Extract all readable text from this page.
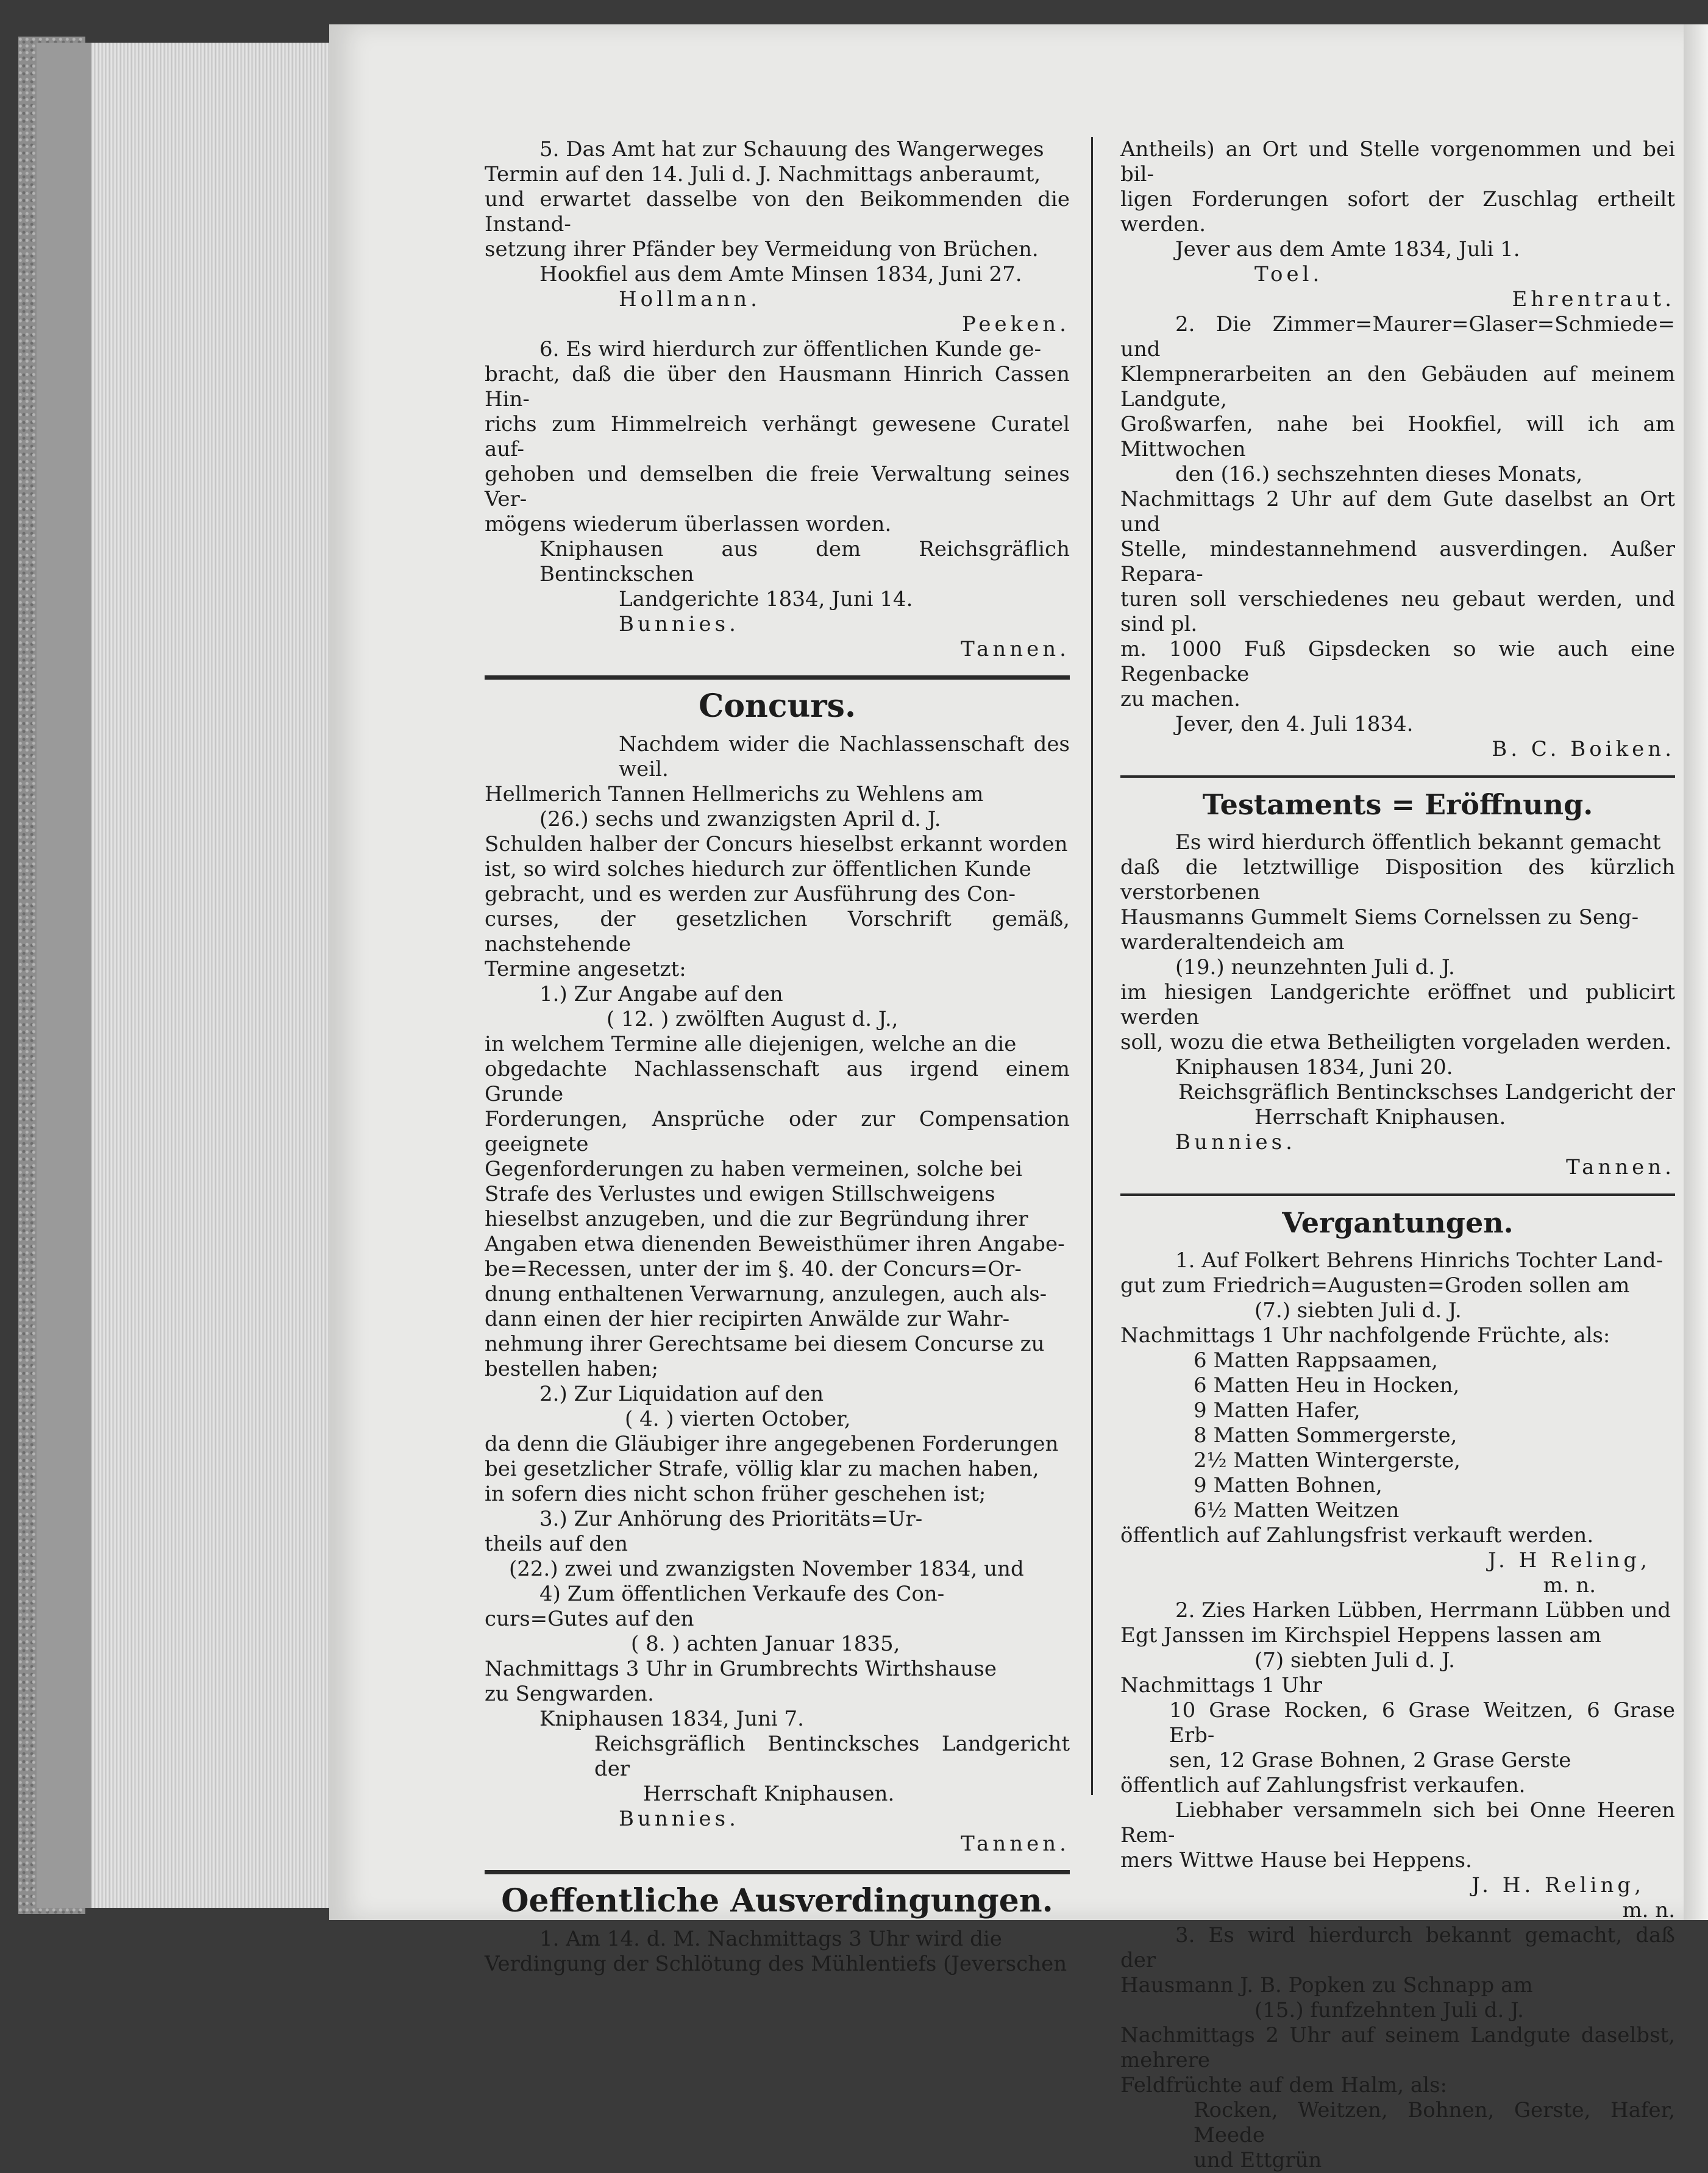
5. Das Amt hat zur Schauung des Wangerweges

Termin auf den 14. Juli d. J. Nachmittags anberaumt,

und erwartet dasselbe von den Beikommenden die Instand-

setzung ihrer Pfänder bey Vermeidung von Brüchen.

Hookfiel aus dem Amte Minsen 1834, Juni 27.

Hollmann.

Peeken.

6. Es wird hierdurch zur öffentlichen Kunde ge-

bracht, daß die über den Hausmann Hinrich Cassen Hin-

richs zum Himmelreich verhängt gewesene Curatel auf-

gehoben und demselben die freie Verwaltung seines Ver-

mögens wiederum überlassen worden.

Kniphausen aus dem Reichsgräflich Bentinckschen

Landgerichte 1834, Juni 14.

Bunnies.

Tannen.

Concurs.

Nachdem wider die Nachlassenschaft des weil.

Hellmerich Tannen Hellmerichs zu Wehlens am

(26.) sechs und zwanzigsten April d. J.

Schulden halber der Concurs hieselbst erkannt worden

ist, so wird solches hiedurch zur öffentlichen Kunde

gebracht, und es werden zur Ausführung des Con-

curses, der gesetzlichen Vorschrift gemäß, nachstehende

Termine angesetzt:

1.) Zur Angabe auf den

( 12. ) zwölften August d. J.,

in welchem Termine alle diejenigen, welche an die

obgedachte Nachlassenschaft aus irgend einem Grunde

Forderungen, Ansprüche oder zur Compensation geeignete

Gegenforderungen zu haben vermeinen, solche bei

Strafe des Verlustes und ewigen Stillschweigens

hieselbst anzugeben, und die zur Begründung ihrer

Angaben etwa dienenden Beweisthümer ihren Angabe-

be=Recessen, unter der im §. 40. der Concurs=Or-

dnung enthaltenen Verwarnung, anzulegen, auch als-

dann einen der hier recipirten Anwälde zur Wahr-

nehmung ihrer Gerechtsame bei diesem Concurse zu

bestellen haben;

2.) Zur Liquidation auf den

( 4. ) vierten October,

da denn die Gläubiger ihre angegebenen Forderungen

bei gesetzlicher Strafe, völlig klar zu machen haben,

in sofern dies nicht schon früher geschehen ist;

3.) Zur Anhörung des Prioritäts=Ur-

theils auf den

(22.) zwei und zwanzigsten November 1834, und

4) Zum öffentlichen Verkaufe des Con-

curs=Gutes auf den

( 8. ) achten Januar 1835,

Nachmittags 3 Uhr in Grumbrechts Wirthshause

zu Sengwarden.

Kniphausen 1834, Juni 7.

Reichsgräflich Bentincksches Landgericht der

Herrschaft Kniphausen.

Bunnies.

Tannen.

Oeffentliche Ausverdingungen.

1. Am 14. d. M. Nachmittags 3 Uhr wird die

Verdingung der Schlötung des Mühlentiefs (Jeverschen

Antheils) an Ort und Stelle vorgenommen und bei bil-

ligen Forderungen sofort der Zuschlag ertheilt werden.

Jever aus dem Amte 1834, Juli 1.

Toel.

Ehrentraut.

2. Die Zimmer=Maurer=Glaser=Schmiede= und

Klempnerarbeiten an den Gebäuden auf meinem Landgute,

Großwarfen, nahe bei Hookfiel, will ich am Mittwochen

den (16.) sechszehnten dieses Monats,

Nachmittags 2 Uhr auf dem Gute daselbst an Ort und

Stelle, mindestannehmend ausverdingen. Außer Repara-

turen soll verschiedenes neu gebaut werden, und sind pl.

m. 1000 Fuß Gipsdecken so wie auch eine Regenbacke

zu machen.

Jever, den 4. Juli 1834.

B. C. Boiken.

Testaments = Eröffnung.

Es wird hierdurch öffentlich bekannt gemacht

daß die letztwillige Disposition des kürzlich verstorbenen

Hausmanns Gummelt Siems Cornelssen zu Seng-

warderaltendeich am

(19.) neunzehnten Juli d. J.

im hiesigen Landgerichte eröffnet und publicirt werden

soll, wozu die etwa Betheiligten vorgeladen werden.

Kniphausen 1834, Juni 20.

Reichsgräflich Bentinckschses Landgericht der

Herrschaft Kniphausen.

Bunnies.

Tannen.

Vergantungen.

1. Auf Folkert Behrens Hinrichs Tochter Land-

gut zum Friedrich=Augusten=Groden sollen am

(7.) siebten Juli d. J.

Nachmittags 1 Uhr nachfolgende Früchte, als:

6 Matten Rappsaamen,

6 Matten Heu in Hocken,

9 Matten Hafer,

8 Matten Sommergerste,

2½ Matten Wintergerste,

9 Matten Bohnen,

6½ Matten Weitzen

öffentlich auf Zahlungsfrist verkauft werden.

J. H Reling,

m. n.

2. Zies Harken Lübben, Herrmann Lübben und

Egt Janssen im Kirchspiel Heppens lassen am

(7) siebten Juli d. J.

Nachmittags 1 Uhr

10 Grase Rocken, 6 Grase Weitzen, 6 Grase Erb-

sen, 12 Grase Bohnen, 2 Grase Gerste

öffentlich auf Zahlungsfrist verkaufen.

Liebhaber versammeln sich bei Onne Heeren Rem-

mers Wittwe Hause bei Heppens.

J. H. Reling,

m. n.

3. Es wird hierdurch bekannt gemacht, daß der

Hausmann J. B. Popken zu Schnapp am

(15.) funfzehnten Juli d. J.

Nachmittags 2 Uhr auf seinem Landgute daselbst, mehrere

Feldfrüchte auf dem Halm, als:

Rocken, Weitzen, Bohnen, Gerste, Hafer, Meede

und Ettgrün
